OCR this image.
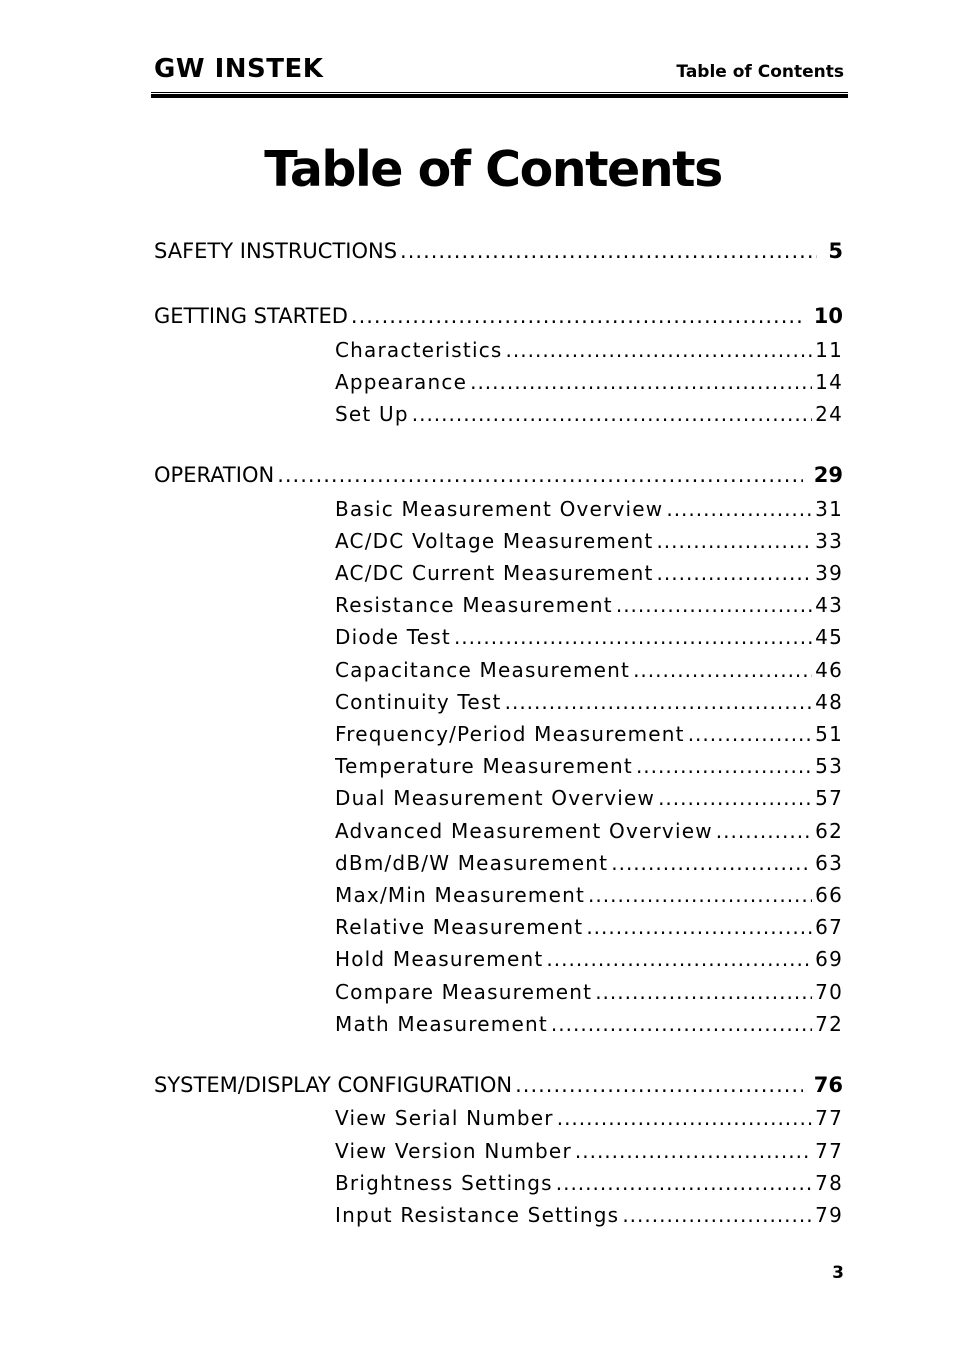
GW INSTEK	Table of Contents
Table of Contents
SAFETY INSTRUCTIONS .....	5
GETTING STARTED .....	10
Characteristics .....	11
Appearance .....	14
Set Up .....	24
OPERATION .....	29
Basic Measurement Overview .....	31
AC/DC Voltage Measurement .....	33
AC/DC Current Measurement .....	39
Resistance Measurement .....	43
Diode Test .....	45
Capacitance Measurement .....	46
Continuity Test .....	48
Frequency/Period Measurement .....	51
Temperature Measurement .....	53
Dual Measurement Overview .....	57
Advanced Measurement Overview .....	62
dBm/dB/W Measurement .....	63
Max/Min Measurement .....	66
Relative Measurement .....	67
Hold Measurement .....	69
Compare Measurement .....	70
Math Measurement .....	72
SYSTEM/DISPLAY CONFIGURATION .....	76
View Serial Number .....	77
View Version Number .....	77
Brightness Settings .....	78
Input Resistance Settings .....	79
3
